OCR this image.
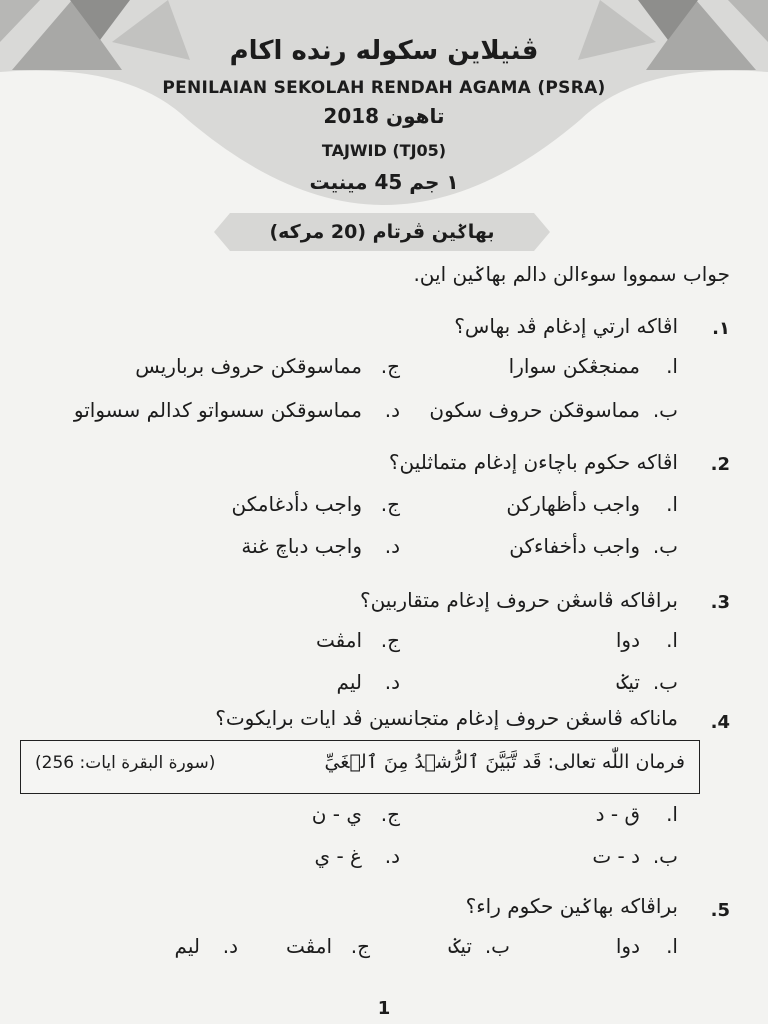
ڤنيلاين سكوله رنده اكام
PENILAIAN SEKOLAH RENDAH AGAMA (PSRA)
تاهون 2018
TAJWID (TJ05)
١ جم 45 مينيت
بهاݢين ڤرتام (20 مركه)
جواب سمووا سوءالن دالم بهاݢين اين.
.١
اڤاكه ارتي إدغام ڤد بهاس؟
ا.ممنجڠكن سوارا
ب.مماسوقكن حروف سكون
ج.مماسوقكن حروف برباريس
د.مماسوقكن سسواتو كدالم سسواتو
.2
اڤاكه حكوم باچاءن إدغام متماثلين؟
ا.واجب دأظهاركن
ب.واجب دأخفاءكن
ج.واجب دأدغامكن
د.واجب دباچ غنة
.3
براڤاكه ڤاسڠن حروف إدغام متقاربين؟
ا.دوا
ب.تيݢ
ج.امڤت
د.ليم
.4
ماناكه ڤاسڠن حروف إدغام متجانسين ڤد ايات برايكوت؟
فرمان اللّٰه تعالى: قَد تَّبَيَّنَ ٱلرُّشۡدُ مِنَ ٱلۡغَيِّ
(سورة البقرة ايات: 256)
ا.ق - د
ب.د - ت
ج.ي - ن
د.غ - ي
.5
براڤاكه بهاݢين حكوم راء؟
ا.دوا
ب.تيݢ
ج.امڤت
د.ليم
1
